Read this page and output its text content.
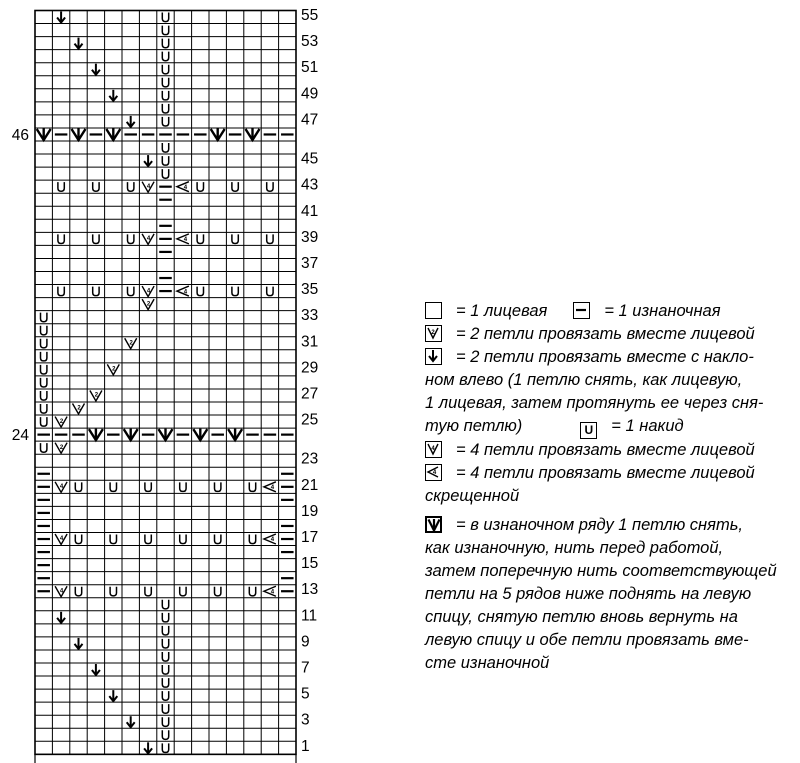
55
53
51
49
47
46
45
4	4	43
41
4	4	39
37
4	4	35
2
33
2	31
2	29
2	27
2
2	25
24
2
23
4	4 21
19
4	4 17
15
4	4 13
11
9
7
5
3
1
= 1 лицевая	= 1 изнаночная
2 = 2 петли провязать вместе лицевой
= 2 петли провязать вместе с накло-
ном влево (1 петлю снять, как лицевую,
1 лицевая, затем протянуть ее через сня-
тую петлю)	U = 1 накид
4 = 4 петли провязать вместе лицевой
4 = 4 петли провязать вместе лицевой
скрещенной
= в изнаночном ряду 1 петлю снять,
как изнаночную, нить перед работой,
затем поперечную нить соответствующей
петли на 5 рядов ниже поднять на левую
спицу, снятую петлю вновь вернуть на
левую спицу и обе петли провязать вме-
сте изнаночной
